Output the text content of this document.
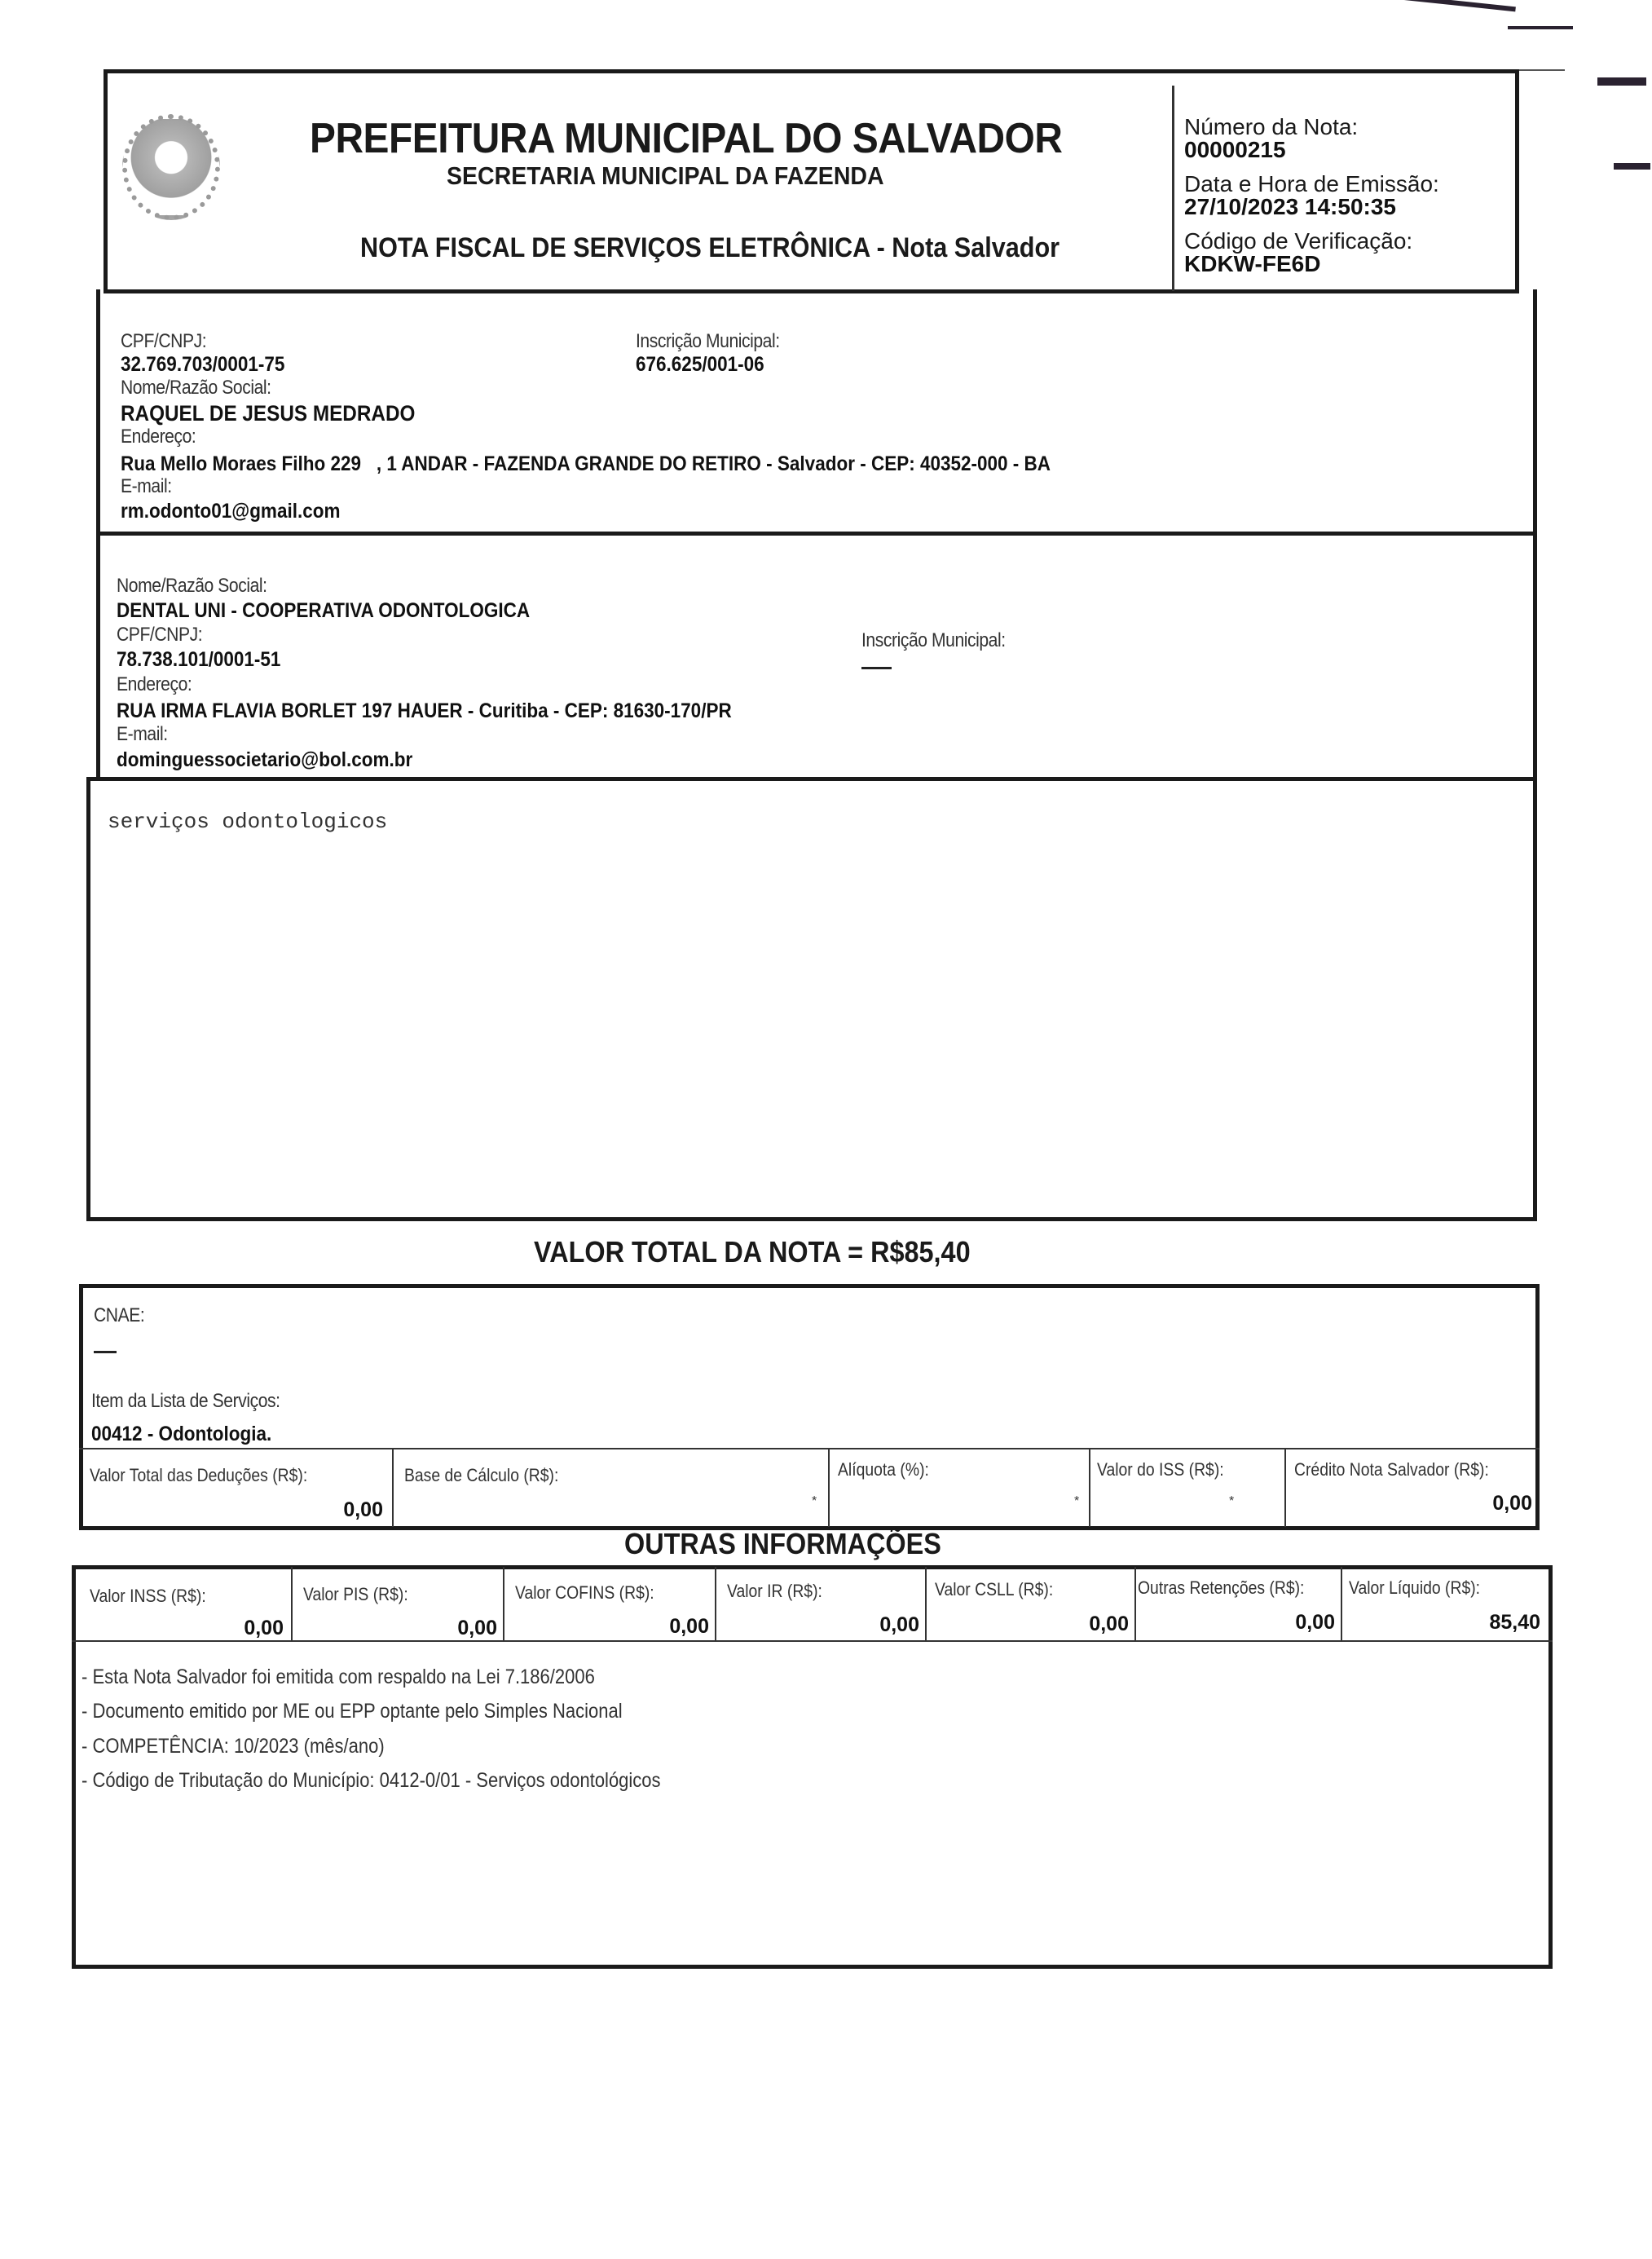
PREFEITURA MUNICIPAL DO SALVADOR
SECRETARIA MUNICIPAL DA FAZENDA
NOTA FISCAL DE SERVIÇOS ELETRÔNICA - Nota Salvador
Número da Nota:
00000215
Data e Hora de Emissão:
27/10/2023 14:50:35
Código de Verificação:
KDKW-FE6D
CPF/CNPJ:
32.769.703/0001-75
Inscrição Municipal:
676.625/001-06
Nome/Razão Social:
RAQUEL DE JESUS MEDRADO
Endereço:
Rua Mello Moraes Filho 229   , 1 ANDAR - FAZENDA GRANDE DO RETIRO - Salvador - CEP: 40352-000 - BA
E-mail:
rm.odonto01@gmail.com
Nome/Razão Social:
DENTAL UNI - COOPERATIVA ODONTOLOGICA
CPF/CNPJ:
78.738.101/0001-51
Inscrição Municipal:
Endereço:
RUA IRMA FLAVIA BORLET 197 HAUER - Curitiba - CEP: 81630-170/PR
E-mail:
dominguessocietario@bol.com.br
serviços odontologicos
VALOR TOTAL DA NOTA = R$85,40
CNAE:
Item da Lista de Serviços:
00412 - Odontologia.
Valor Total das Deduções (R$):
0,00
Base de Cálculo (R$):
*
Alíquota (%):
*
Valor do ISS (R$):
*
Crédito Nota Salvador (R$):
0,00
OUTRAS INFORMAÇÕES
Valor INSS (R$):
0,00
Valor PIS (R$):
0,00
Valor COFINS (R$):
0,00
Valor IR (R$):
0,00
Valor CSLL (R$):
0,00
Outras Retenções (R$):
0,00
Valor Líquido (R$):
85,40
- Esta Nota Salvador foi emitida com respaldo na Lei 7.186/2006
- Documento emitido por ME ou EPP optante pelo Simples Nacional
- COMPETÊNCIA: 10/2023 (mês/ano)
- Código de Tributação do Município: 0412-0/01 - Serviços odontológicos
